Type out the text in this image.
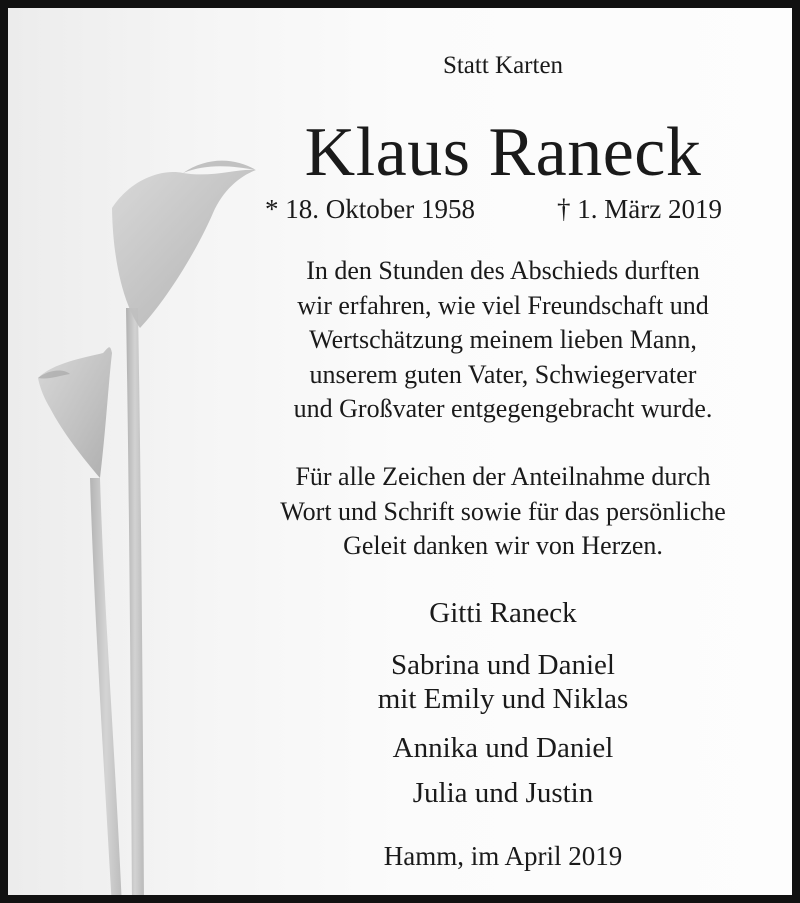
Statt Karten
Klaus Raneck
* 18. Oktober 1958	† 1. März 2019
In den Stunden des Abschieds durften
wir erfahren, wie viel Freundschaft und
Wertschätzung meinem lieben Mann,
unserem guten Vater, Schwiegervater
und Großvater entgegengebracht wurde.
Für alle Zeichen der Anteilnahme durch
Wort und Schrift sowie für das persönliche
Geleit danken wir von Herzen.
Gitti Raneck
Sabrina und Daniel
mit Emily und Niklas
Annika und Daniel
Julia und Justin
Hamm, im April 2019
